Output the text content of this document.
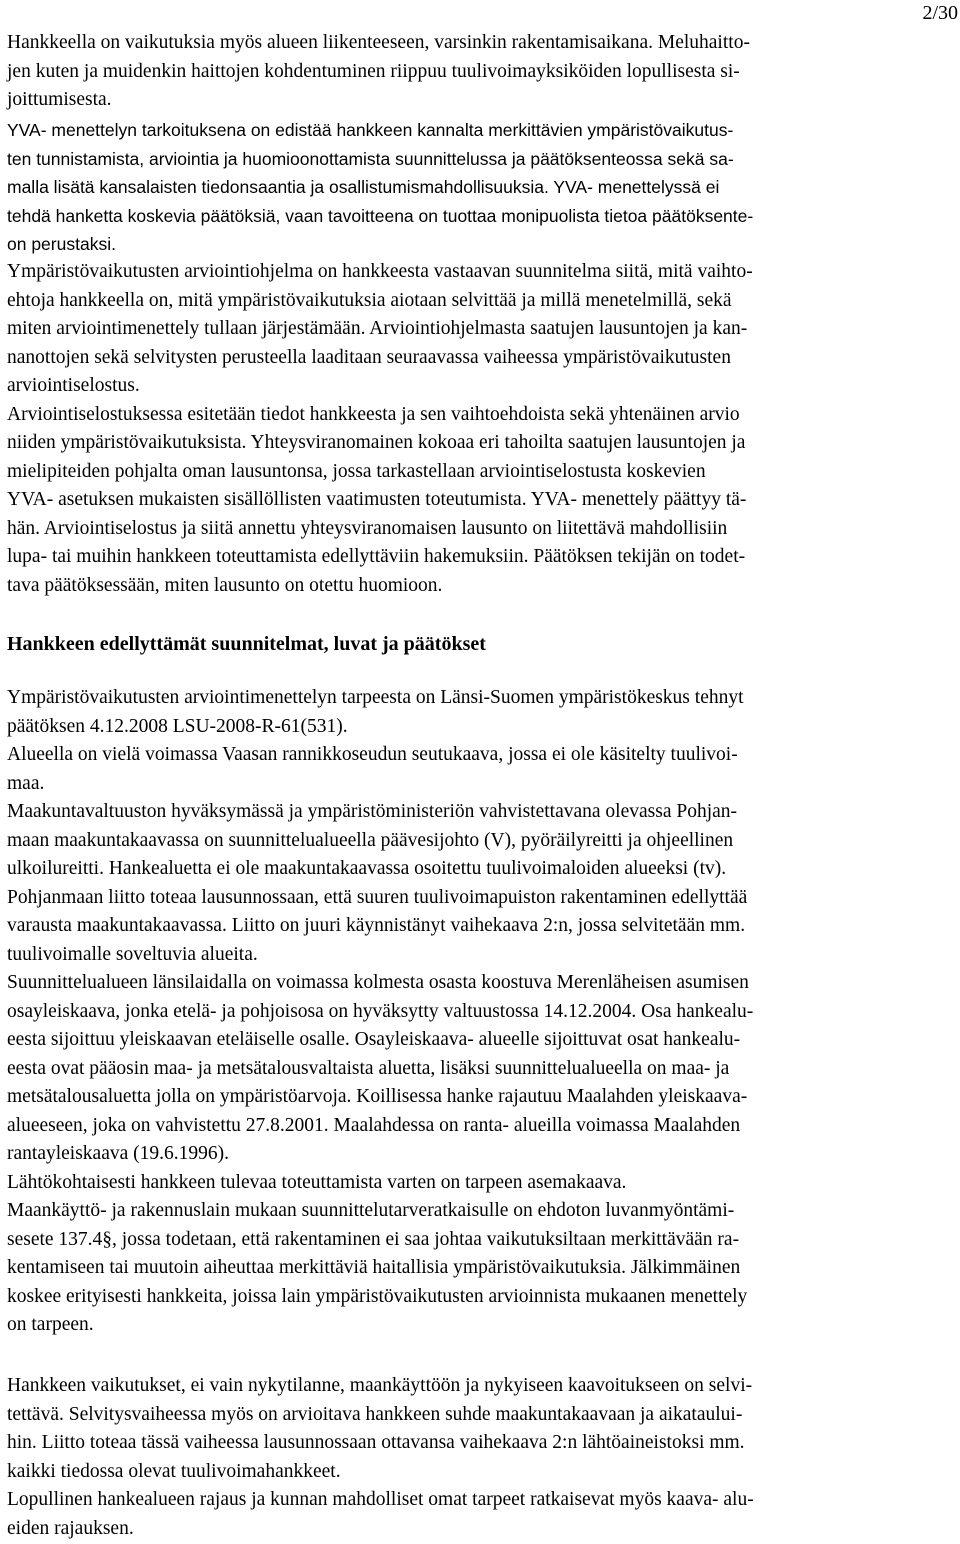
2/30
Hankkeella on vaikutuksia myös alueen liikenteeseen, varsinkin rakentamisaikana. Meluhaitto-
jen kuten ja muidenkin haittojen kohdentuminen riippuu tuulivoimayksiköiden lopullisesta si-
joittumisesta.
YVA- menettelyn tarkoituksena on edistää hankkeen kannalta merkittävien ympäristövaikutus-
ten tunnistamista, arviointia ja huomioonottamista suunnittelussa ja päätöksenteossa sekä sa-
malla lisätä kansalaisten tiedonsaantia ja osallistumismahdollisuuksia. YVA- menettelyssä ei
tehdä hanketta koskevia päätöksiä, vaan tavoitteena on tuottaa monipuolista tietoa päätöksente-
on perustaksi.
Ympäristövaikutusten arviointiohjelma on hankkeesta vastaavan suunnitelma siitä, mitä vaihto-
ehtoja hankkeella on, mitä ympäristövaikutuksia aiotaan selvittää ja millä menetelmillä, sekä
miten arviointimenettely tullaan järjestämään. Arviointiohjelmasta saatujen lausuntojen ja kan-
nanottojen sekä selvitysten perusteella laaditaan seuraavassa vaiheessa ympäristövaikutusten
arviointiselostus.
Arviointiselostuksessa esitetään tiedot hankkeesta ja sen vaihtoehdoista sekä yhtenäinen arvio
niiden ympäristövaikutuksista. Yhteysviranomainen kokoaa eri tahoilta saatujen lausuntojen ja
mielipiteiden pohjalta oman lausuntonsa, jossa tarkastellaan arviointiselostusta koskevien
YVA- asetuksen mukaisten sisällöllisten vaatimusten toteutumista. YVA- menettely päättyy tä-
hän. Arviointiselostus ja siitä annettu yhteysviranomaisen lausunto on liitettävä mahdollisiin
lupa- tai muihin hankkeen toteuttamista edellyttäviin hakemuksiin. Päätöksen tekijän on todet-
tava päätöksessään, miten lausunto on otettu huomioon.
Hankkeen edellyttämät suunnitelmat, luvat ja päätökset
Ympäristövaikutusten arviointimenettelyn tarpeesta on Länsi-Suomen ympäristökeskus tehnyt
päätöksen 4.12.2008 LSU-2008-R-61(531).
Alueella on vielä voimassa Vaasan rannikkoseudun seutukaava, jossa ei ole käsitelty tuulivoi-
maa.
Maakuntavaltuuston hyväksymässä ja ympäristöministeriön vahvistettavana olevassa Pohjan-
maan maakuntakaavassa on suunnittelualueella päävesijohto (V), pyöräilyreitti ja ohjeellinen
ulkoilureitti. Hankealuetta ei ole maakuntakaavassa osoitettu tuulivoimaloiden alueeksi (tv).
Pohjanmaan liitto toteaa lausunnossaan, että suuren tuulivoimapuiston rakentaminen edellyttää
varausta maakuntakaavassa. Liitto on juuri käynnistänyt vaihekaava 2:n, jossa selvitetään mm.
tuulivoimalle soveltuvia alueita.
Suunnittelualueen länsilaidalla on voimassa kolmesta osasta koostuva Merenläheisen asumisen
osayleiskaava, jonka etelä- ja pohjoisosa on hyväksytty valtuustossa 14.12.2004. Osa hankealu-
eesta sijoittuu yleiskaavan eteläiselle osalle. Osayleiskaava- alueelle sijoittuvat osat hankealu-
eesta ovat pääosin maa- ja metsätalousvaltaista aluetta, lisäksi suunnittelualueella on maa- ja
metsätalousaluetta jolla on ympäristöarvoja. Koillisessa hanke rajautuu Maalahden yleiskaava-
alueeseen, joka on vahvistettu 27.8.2001. Maalahdessa on ranta- alueilla voimassa Maalahden
rantayleiskaava (19.6.1996).
Lähtökohtaisesti hankkeen tulevaa toteuttamista varten on tarpeen asemakaava.
Maankäyttö- ja rakennuslain mukaan suunnittelutarveratkaisulle on ehdoton luvanmyöntämi-
sesete 137.4§, jossa todetaan, että rakentaminen ei saa johtaa vaikutuksiltaan merkittävään ra-
kentamiseen tai muutoin aiheuttaa merkittäviä haitallisia ympäristövaikutuksia. Jälkimmäinen
koskee erityisesti hankkeita, joissa lain ympäristövaikutusten arvioinnista mukaanen menettely
on tarpeen.
Hankkeen vaikutukset, ei vain nykytilanne, maankäyttöön ja nykyiseen kaavoitukseen on selvi-
tettävä. Selvitysvaiheessa myös on arvioitava hankkeen suhde maakuntakaavaan ja aikataului-
hin. Liitto toteaa tässä vaiheessa lausunnossaan ottavansa vaihekaava 2:n lähtöaineistoksi mm.
kaikki tiedossa olevat tuulivoimahankkeet.
Lopullinen hankealueen rajaus ja kunnan mahdolliset omat tarpeet ratkaisevat myös kaava- alu-
eiden rajauksen.
